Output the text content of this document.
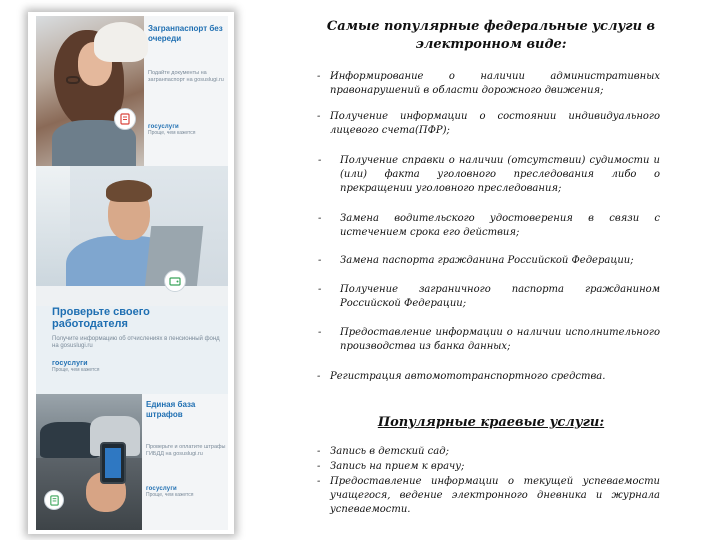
Загранпаспорт без очереди
Подайте документы на загранпаспорт на gosuslugi.ru
госуслуги
Проще, чем кажется
Проверьте своего работодателя
Получите информацию об отчислениях в пенсионный фонд на gosuslugi.ru
госуслуги
Проще, чем кажется
Единая база штрафов
Проверьте и оплатите штрафы ГИБДД на gosuslugi.ru
госуслуги
Проще, чем кажется
Самые популярные федеральные услуги в электронном виде:
- Информирование о наличии административных правонарушений в области дорожного движения;
- Получение информации о состоянии индивидуального лицевого счета(ПФР);
- Получение справки о наличии (отсутствии) судимости и (или) факта уголовного преследования либо о прекращении уголовного преследования;
- Замена водительского удостоверения в связи с истечением срока его действия;
- Замена паспорта гражданина Российской Федерации;
- Получение заграничного паспорта гражданином Российской Федерации;
- Предоставление информации о наличии исполнительного производства из банка данных;
- Регистрация автомототранспортного средства.
Популярные краевые услуги:
- Запись в детский сад;
- Запись на прием к врачу;
- Предоставление информации о текущей успеваемости учащегося, ведение электронного дневника и журнала успеваемости.
